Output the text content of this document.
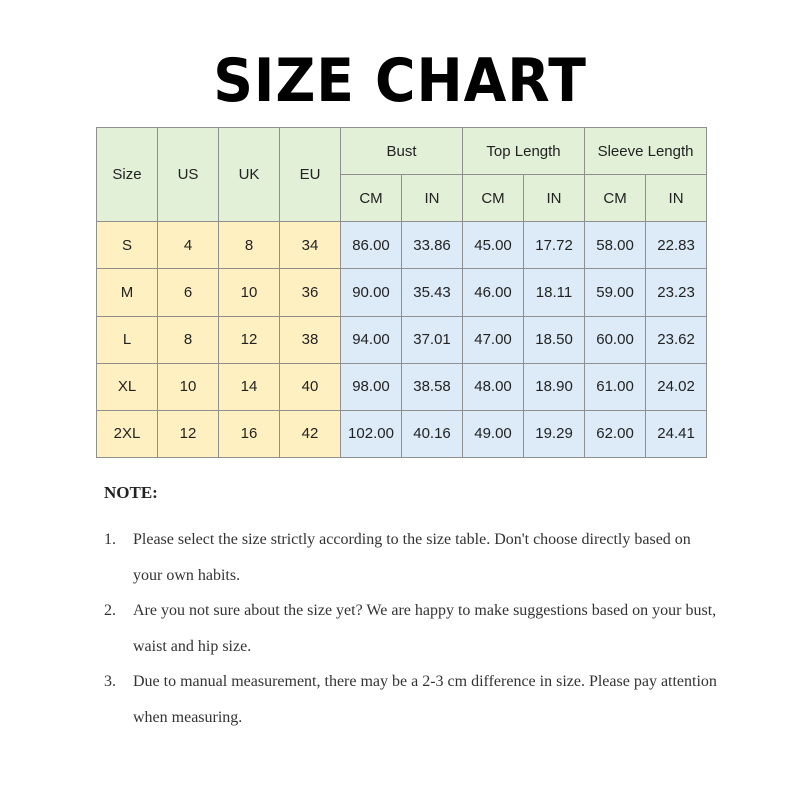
SIZE CHART
Size	US	UK	EU	Bust		Top Length		Sleeve Length	
				CM	IN	CM	IN	CM	IN
S	4	8	34	86.00	33.86	45.00	17.72	58.00	22.83
M	6	10	36	90.00	35.43	46.00	18.11	59.00	23.23
L	8	12	38	94.00	37.01	47.00	18.50	60.00	23.62
XL	10	14	40	98.00	38.58	48.00	18.90	61.00	24.02
2XL	12	16	42	102.00	40.16	49.00	19.29	62.00	24.41
NOTE:
1. Please select the size strictly according to the size table. Don't choose directly based on your own habits.
2. Are you not sure about the size yet? We are happy to make suggestions based on your bust, waist and hip size.
3. Due to manual measurement, there may be a 2-3 cm difference in size. Please pay attention when measuring.
